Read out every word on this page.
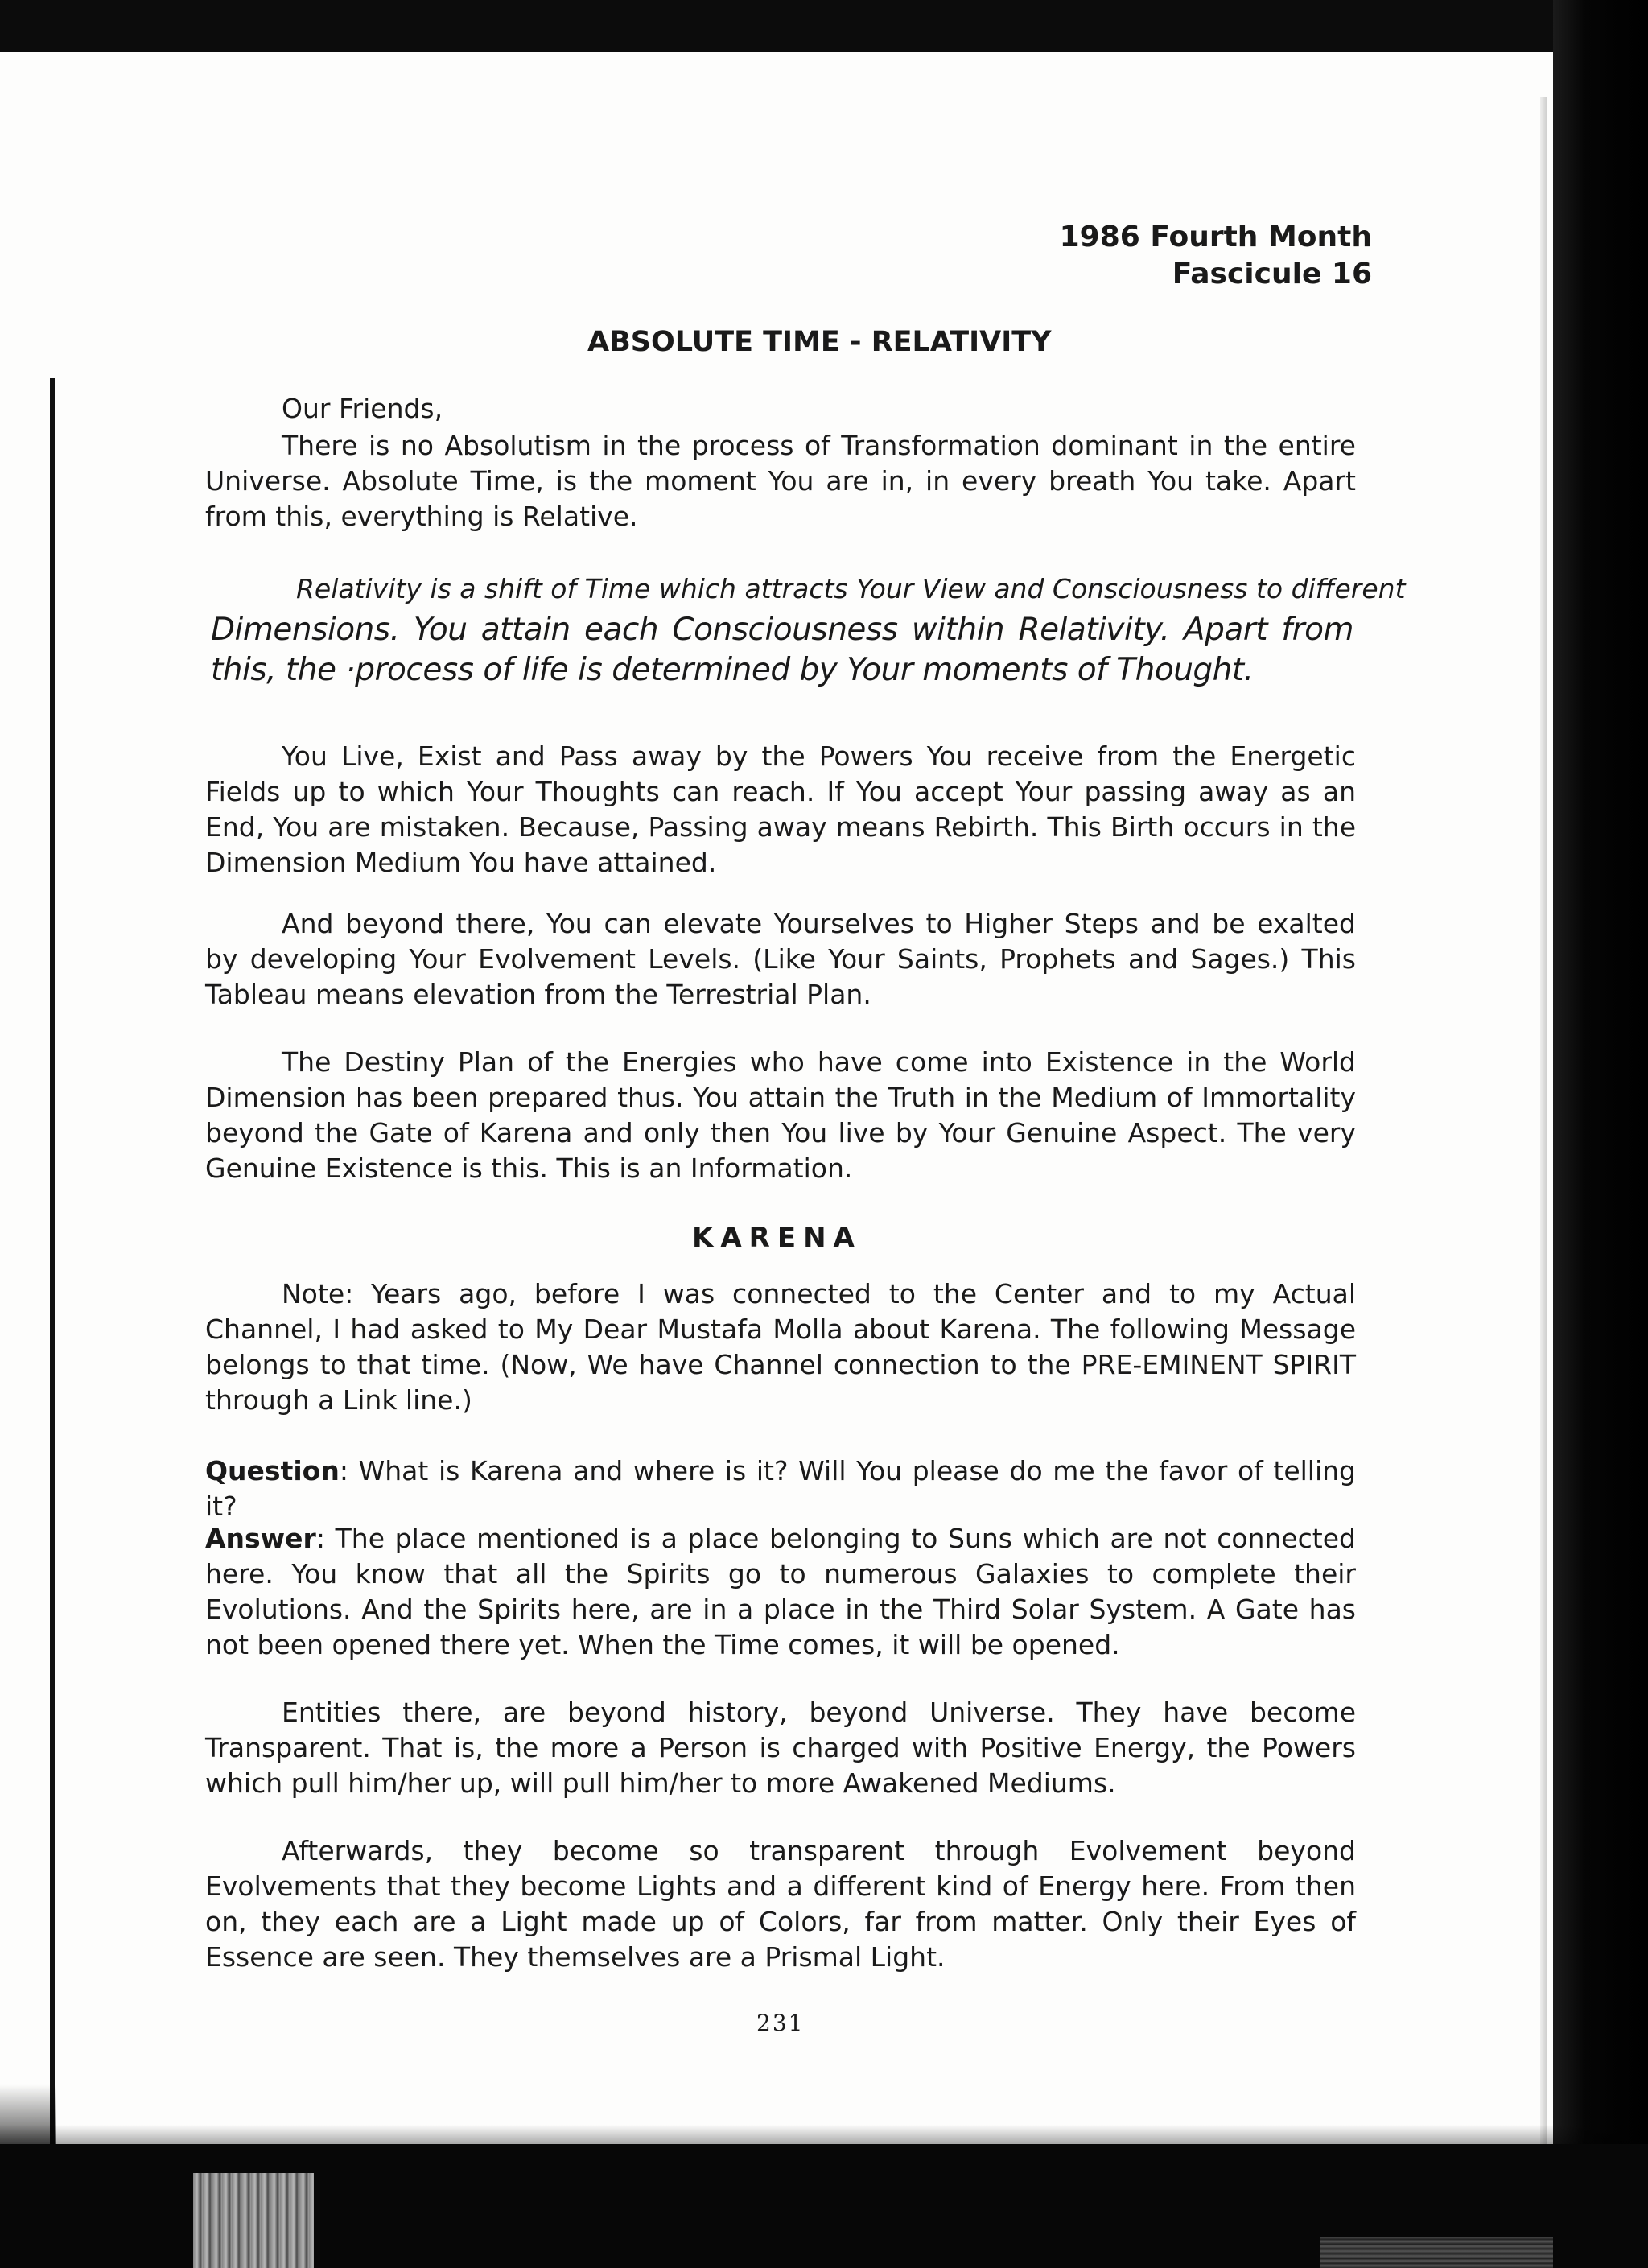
1986 Fourth Month

Fascicule 16

ABSOLUTE TIME - RELATIVITY

Our Friends,

There is no Absolutism in the process of Transformation dominant in the entire Universe. Absolute Time, is the moment You are in, in every breath You take. Apart from this, everything is Relative.

Relativity is a shift of Time which attracts Your View and Consciousness to different

Dimensions. You attain each Consciousness within Relativity. Apart from this, the ·process of life is determined by Your moments of Thought.

You Live, Exist and Pass away by the Powers You receive from the Energetic Fields up to which Your Thoughts can reach. If You accept Your passing away as an End, You are mistaken. Because, Passing away means Rebirth. This Birth occurs in the Dimension Medium You have attained.

And beyond there, You can elevate Yourselves to Higher Steps and be exalted by developing Your Evolvement Levels. (Like Your Saints, Prophets and Sages.) This Tableau means elevation from the Terrestrial Plan.

The Destiny Plan of the Energies who have come into Existence in the World Dimension has been prepared thus. You attain the Truth in the Medium of Immortality beyond the Gate of Karena and only then You live by Your Genuine Aspect. The very Genuine Existence is this. This is an Information.

KARENA

Note: Years ago, before I was connected to the Center and to my Actual Channel, I had asked to My Dear Mustafa Molla about Karena. The following Message belongs to that time. (Now, We have Channel connection to the PRE-EMINENT SPIRIT through a Link line.)

Question: What is Karena and where is it? Will You please do me the favor of telling it?

Answer: The place mentioned is a place belonging to Suns which are not connected here. You know that all the Spirits go to numerous Galaxies to complete their Evolutions. And the Spirits here, are in a place in the Third Solar System. A Gate has not been opened there yet. When the Time comes, it will be opened.

Entities there, are beyond history, beyond Universe. They have become Transparent. That is, the more a Person is charged with Positive Energy, the Powers which pull him/her up, will pull him/her to more Awakened Mediums.

Afterwards, they become so transparent through Evolvement beyond Evolvements that they become Lights and a different kind of Energy here. From then on, they each are a Light made up of Colors, far from matter. Only their Eyes of Essence are seen. They themselves are a Prismal Light.

231
